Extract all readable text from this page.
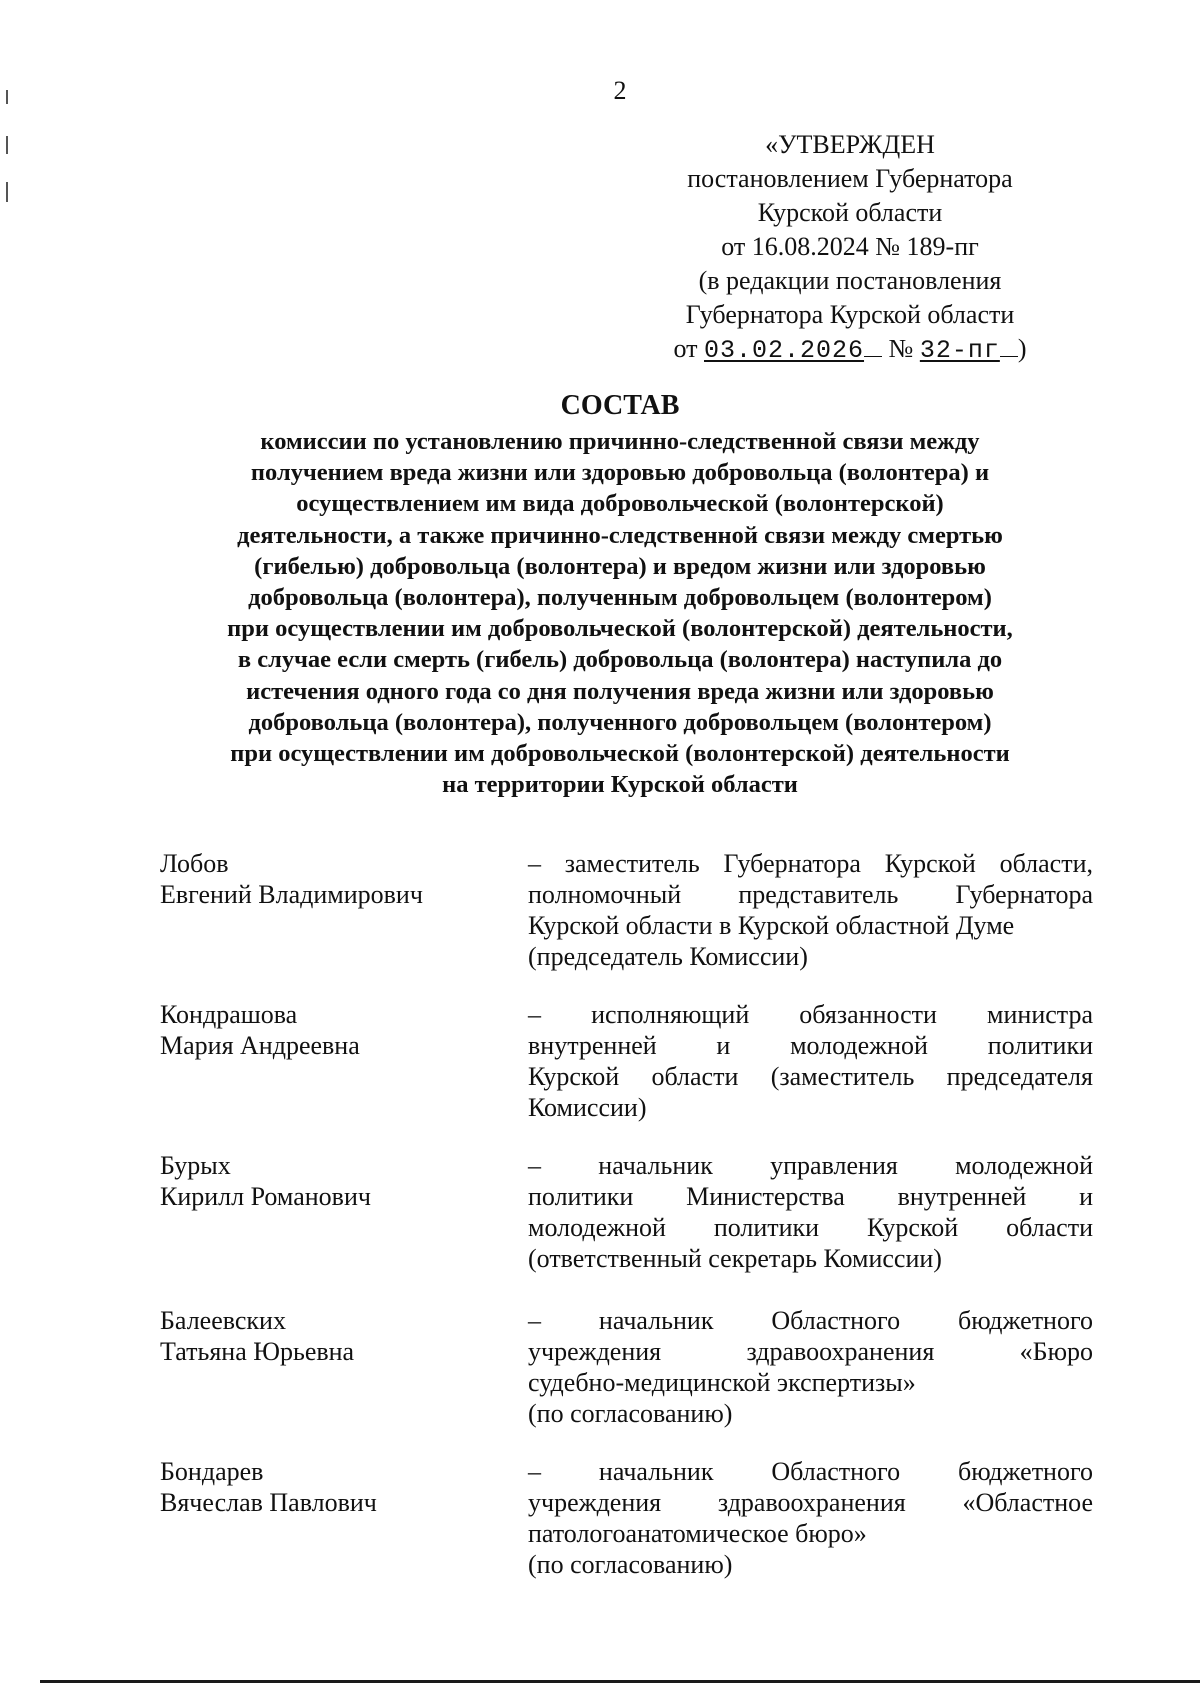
2
«УТВЕРЖДЕН
постановлением Губернатора
Курской области
от 16.08.2024 № 189-пг
(в редакции постановления
Губернатора Курской области
от 03.02.2026 № 32-пг )
СОСТАВ
комиссии по установлению причинно-следственной связи между
получением вреда жизни или здоровью добровольца (волонтера) и
осуществлением им вида добровольческой (волонтерской)
деятельности, а также причинно-следственной связи между смертью
(гибелью) добровольца (волонтера) и вредом жизни или здоровью
добровольца (волонтера), полученным добровольцем (волонтером)
при осуществлении им добровольческой (волонтерской) деятельности,
в случае если смерть (гибель) добровольца (волонтера) наступила до
истечения одного года со дня получения вреда жизни или здоровью
добровольца (волонтера), полученного добровольцем (волонтером)
при осуществлении им добровольческой (волонтерской) деятельности
на территории Курской области
Лобов
Евгений Владимирович
– заместитель Губернатора Курской области,
полномочный представитель Губернатора
Курской области в Курской областной Думе
(председатель Комиссии)
Кондрашова
Мария Андреевна
– исполняющий обязанности министра
внутренней и молодежной политики
Курской области (заместитель председателя
Комиссии)
Бурых
Кирилл Романович
– начальник управления молодежной
политики Министерства внутренней и
молодежной политики Курской области
(ответственный секретарь Комиссии)
Балеевских
Татьяна Юрьевна
– начальник Областного бюджетного
учреждения здравоохранения «Бюро
судебно-медицинской экспертизы»
(по согласованию)
Бондарев
Вячеслав Павлович
– начальник Областного бюджетного
учреждения здравоохранения «Областное
патологоанатомическое бюро»
(по согласованию)
